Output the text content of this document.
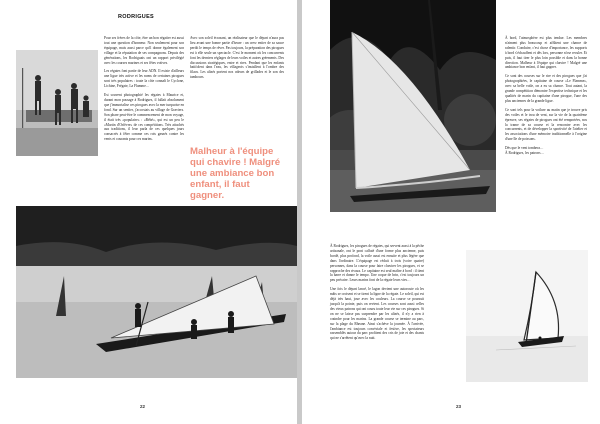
RODRIGUES

Pour ses frères de la côte, être un bon régatier est aussi tout une question d'honneur. Non seulement pour son équipage, mais aussi parce qu'il donne également son village et la réputation de ses compagnons. Depuis des générations, les Rodriguais ont un rapport privilégié avec les courses marines et ses fêtes votives.

Les régates font partie de leur ADN. Il existe d'ailleurs une ligue très active et les noms de certaines pirogues sont très populaires : toute la côte connaît le Cyclone, Lichine, Frégate, La Flamme…

Est souvent photographié les régates à Maurice et, durant mon passage à Rodrigues, il fallait absolument que j'immortalise ces pirogues avec la mer turquoise en fond. Sur un sentier, j'accostais au village de Graviers. Son phare peut-être le commencement de mon voyage, il était très «populaire» : «Bébé», qui est un peu le «Martin d'Orfèvre» de ces compétitions. Très attachés aux traditions, il leur parla de ces quelques jours consacrés à fêter comme ces rois gasnés contre les vents et courants pour ces marins.

Avec son soleil écrasant, un réalisateur que le départ n'aura pas lieu avant une bonne partie d'heure : un crew entier de sa sauce perdit le temps de rêver. Pas toujours, la préparation des pirogues est à elle seule un spectacle. C'est le moment où les concurrents font les derniers réglages de leurs voiles et autres gréements. Des discussions stratégiques, entre et rires. Pendant que les enfants batifolent dans l'eau, les villageois s'installent à l'ombre des filaos. Les alizés portent nos odeurs de grillades et le son des tambours.

Malheur à l'équipe qui chavire ! Malgré une ambiance bon enfant, il faut gagner.
22

À bord, l'atmosphère est plus tendue. Les membres n'aiment plus beaucoup et affûtent une chance de ralentir. Conduire, c'est chose d'importance, les supports à bord s'échauffent et dès lors, personne n'ose reculer. Et puis, il faut tirer le plus loin possible et dans la bonne direction. Malheur à l'équipe qui chavire ! Malgré une ambiance bon enfant, il faut gagner.

Ce sont des courses sur le rire et des pirogues que j'ai photographiées, le capitaine de course «Le Flamme», avec sa belle voile, on a eu sa chance. Tout autant, la grande compétition démontre l'expertise technique et les qualités de marin du capitaine d'une pirogue, l'une des plus anciennes de la grande ligue.

Ce sont tels pour la voilure au matin que je trouve pris des voiles et le trou de vent, sur la vie de la quatrième épreuve, ses régates de pirogues ont été remportées, nos la trame de sa course et la rencontre avec les concurrents, et de développer la sportivité de l'atelier et les associations d'une mémoire traditionnelle à l'origine d'une île de poissons.

Dès que le vent tombera…

À Rodrigues, les patrons…

À Rodrigues, les pirogues de régates, qui servent aussi à la pêche artisanale, ont le pont calfaté d'une forme plus ancienne, puis bordé, plus profond, la voile aussi est ensuite et plus légère que dans l'ordinaire. L'équipage est réduit à trois (voire quatre) personnes, dans la course pour faire chavirer les pirogues, et se rapproche des rivaux. Le capitaine est seul maître à bord : il tient la barre et donne le tempo. Une coque de brin, c'est toujours un peu précaire. Leurs marins font de la régate leurs vies…

Une fois le départ lancé, le lagon devient une autoroute où les mâts se croisent et se tirent la ligne de la régate. Le soleil, qui est déjà très haut, joue avec les couleurs. La course se poursuit jusqu'à la pointe, puis on revient. Les courses sont aussi celles des vieux patrons qui ont couru toute leur vie sur ces pirogues. Si on ne se laisse pas surprendre par les alizés, il n'y a rien à craindre pour les marins. La grande course se termine au parc, sur la plage du Rheane. Ainsi s'achève la journée. À l'arrivée, l'ambiance est toujours conviviale et festive, les spectateurs rassemblés autour du parc profitent des cris de joie et des chants qui ne s'arrêtent qu'avec la nuit.

23
